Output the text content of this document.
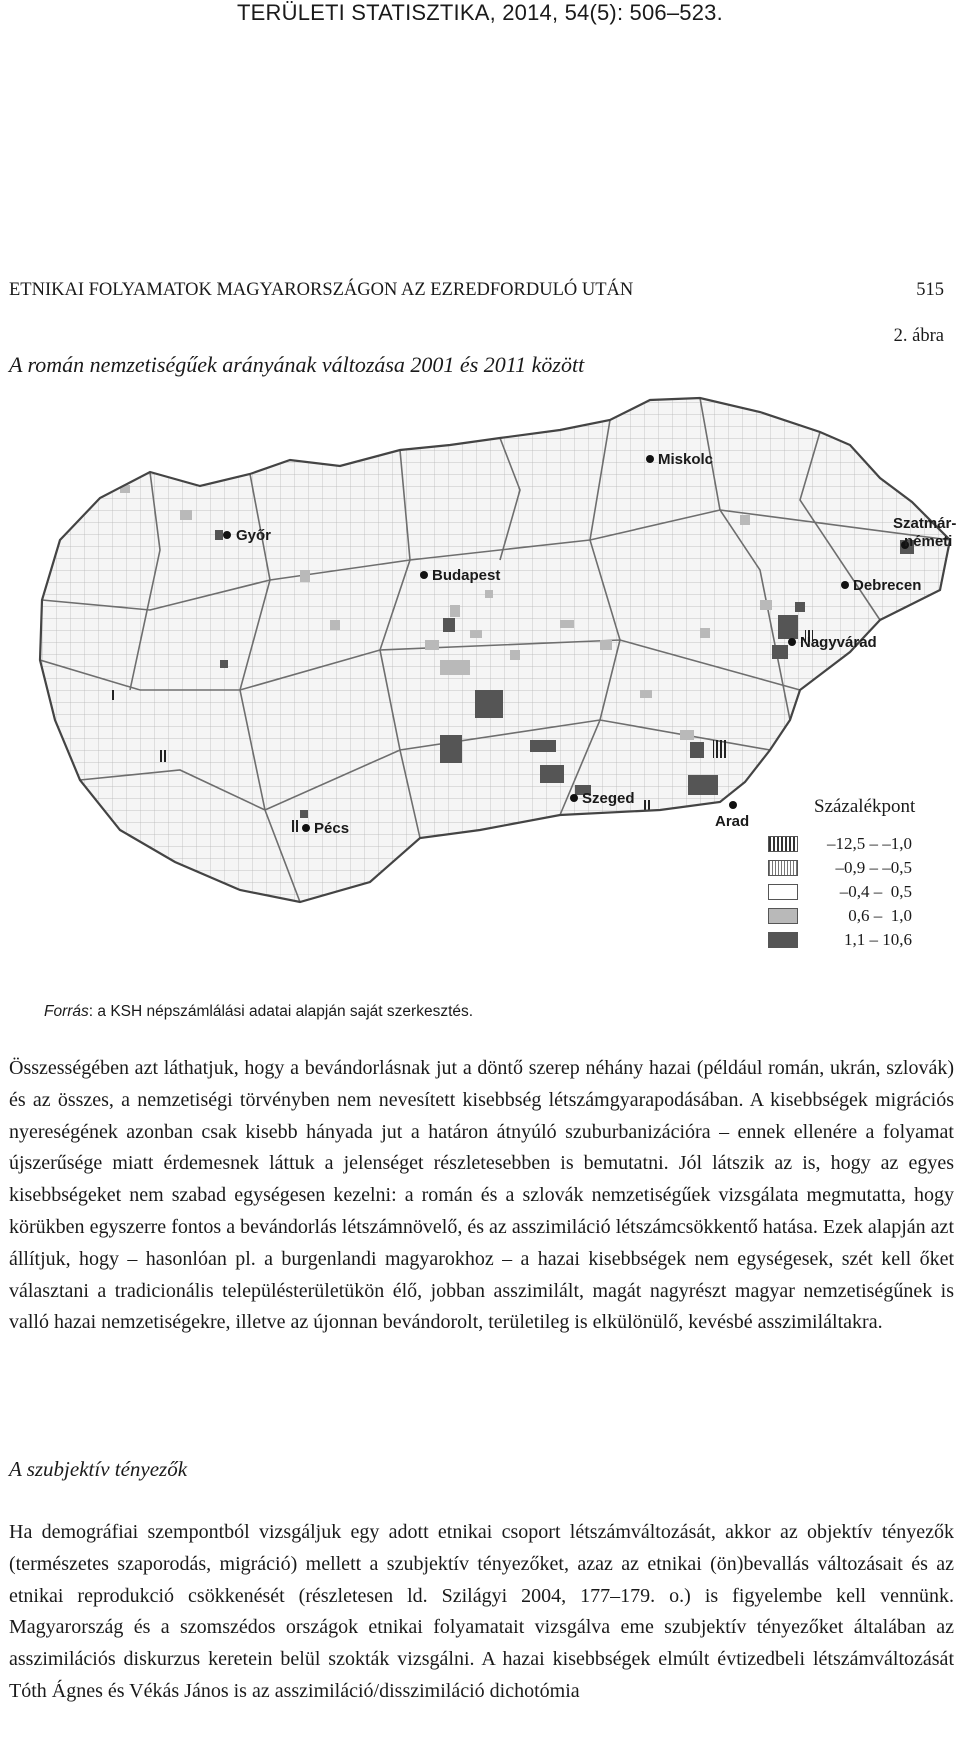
TERÜLETI STATISZTIKA, 2014, 54(5): 506–523.
ETNIKAI FOLYAMATOK MAGYARORSZÁGON AZ EZREDFORDULÓ UTÁN	515
2. ábra
A román nemzetiségűek arányának változása 2001 és 2011 között
Miskolc
Győr
Budapest
Szatmár-
németi
Debrecen
Nagyvárad
Szeged
Arad
Pécs
Százalékpont
–12,5 – –1,0
–0,9 – –0,5
–0,4 –  0,5
0,6 –  1,0
1,1 – 10,6
Forrás: a KSH népszámlálási adatai alapján saját szerkesztés.

Összességében azt láthatjuk, hogy a bevándorlásnak jut a döntő szerep néhány hazai (például román, ukrán, szlovák) és az összes, a nemzetiségi törvényben nem nevesített kisebbség létszámgyarapodásában. A kisebbségek migrációs nyereségének azonban csak kisebb hányada jut a határon átnyúló szuburbanizációra – ennek ellenére a folyamat újszerűsége miatt érdemesnek láttuk a jelenséget részletesebben is bemutatni. Jól látszik az is, hogy az egyes kisebbségeket nem szabad egységesen kezelni: a román és a szlovák nemzetiségűek vizsgálata megmutatta, hogy körükben egyszerre fontos a bevándorlás létszámnövelő, és az asszimiláció létszámcsökkentő hatása. Ezek alapján azt állítjuk, hogy – hasonlóan pl. a burgenlandi magyarokhoz – a hazai kisebbségek nem egységesek, szét kell őket választani a tradicionális településterületükön élő, jobban asszimilált, magát nagyrészt magyar nemzetiségűnek is valló hazai nemzetiségekre, illetve az újonnan bevándorolt, területileg is elkülönülő, kevésbé asszimiláltakra.

A szubjektív tényezők

Ha demográfiai szempontból vizsgáljuk egy adott etnikai csoport létszámváltozását, akkor az objektív tényezők (természetes szaporodás, migráció) mellett a szubjektív tényezőket, azaz az etnikai (ön)bevallás változásait és az etnikai reprodukció csökkenését (részletesen ld. Szilágyi 2004, 177–179. o.) is figyelembe kell vennünk. Magyarország és a szomszédos országok etnikai folyamatait vizsgálva eme szubjektív tényezőket általában az asszimilációs diskurzus keretein belül szokták vizsgálni. A hazai kisebbségek elmúlt évtizedbeli létszámváltozását Tóth Ágnes és Vékás János is az asszimiláció/disszimiláció dichotómia
